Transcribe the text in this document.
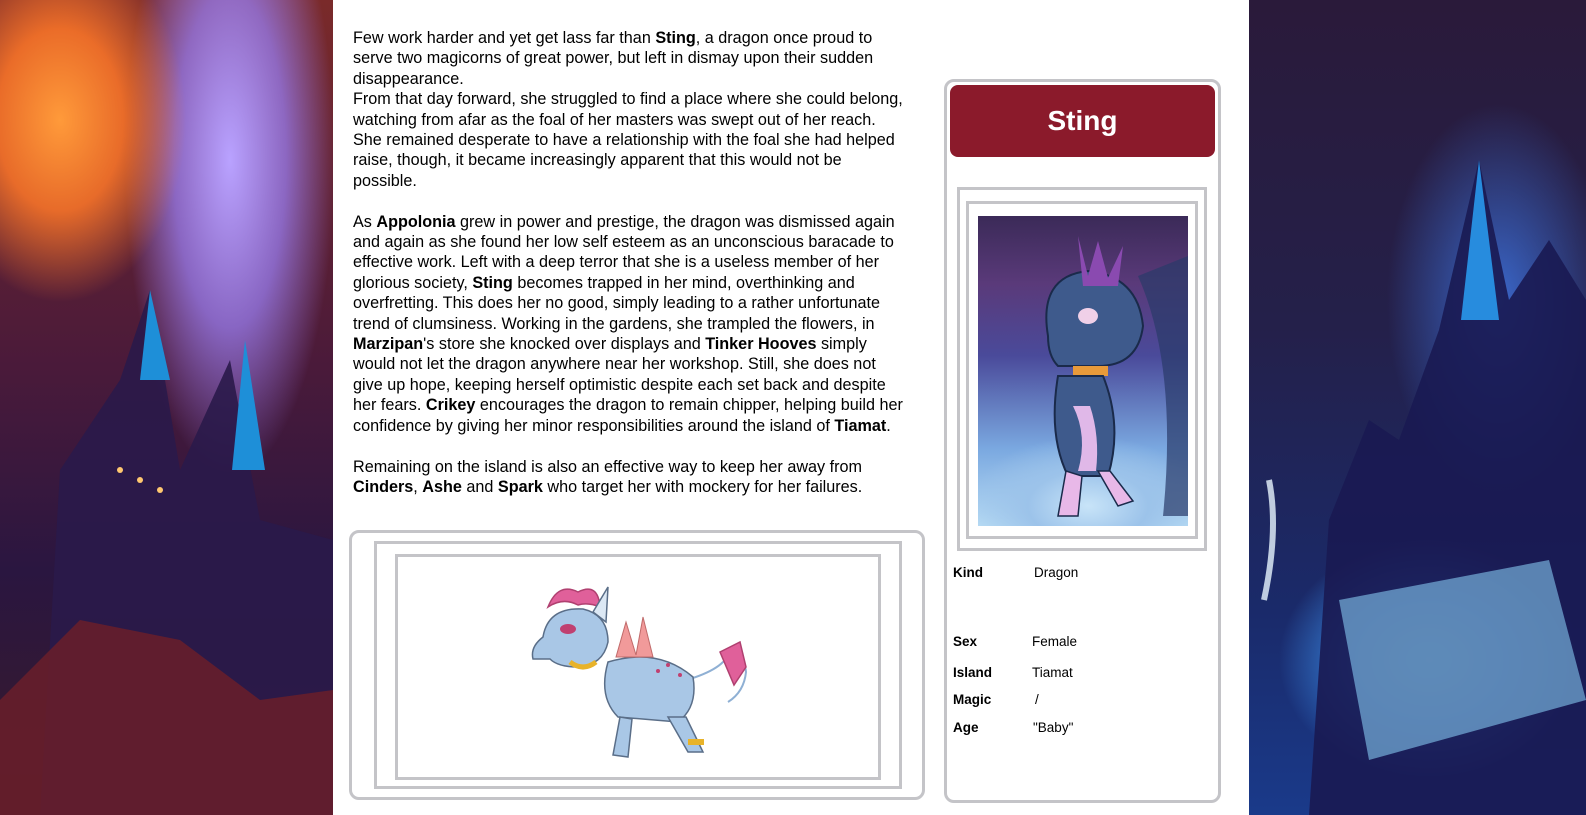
Few work harder and yet get lass far than Sting, a dragon once proud to serve two magicorns of great power, but left in dismay upon their sudden disappearance.

From that day forward, she struggled to find a place where she could belong, watching from afar as the foal of her masters was swept out of her reach. She remained desperate to have a relationship with the foal she had helped raise, though, it became increasingly apparent that this would not be possible.

As Appolonia grew in power and prestige, the dragon was dismissed again and again as she found her low self esteem as an unconscious baracade to effective work. Left with a deep terror that she is a useless member of her glorious society, Sting becomes trapped in her mind, overthinking and overfretting. This does her no good, simply leading to a rather unfortunate trend of clumsiness. Working in the gardens, she trampled the flowers, in Marzipan's store she knocked over displays and Tinker Hooves simply would not let the dragon anywhere near her workshop. Still, she does not give up hope, keeping herself optimistic despite each set back and despite her fears. Crikey encourages the dragon to remain chipper, helping build her confidence by giving her minor responsibilities around the island of Tiamat.

Remaining on the island is also an effective way to keep her away from Cinders, Ashe and Spark who target her with mockery for her failures.

Sting
Kind	Dragon
Sex	Female
Island	Tiamat
Magic	/
Age	"Baby"
